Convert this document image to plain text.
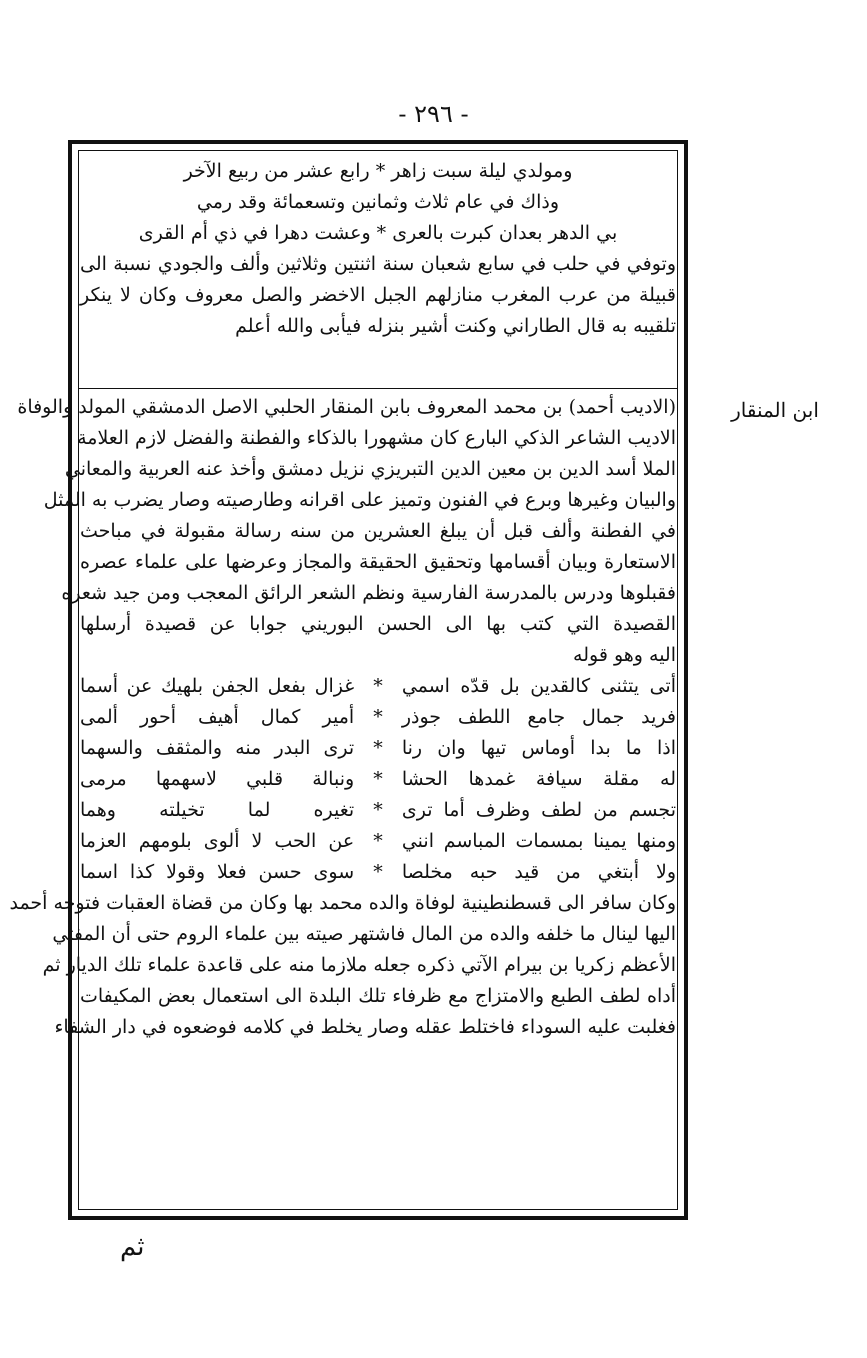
- ٢٩٦ -
ومولدي ليلة سبت زاهر * رابع عشر من ربيع الآخر
وذاك في عام ثلاث وثمانين وتسعمائة وقد رمي
بي الدهر بعدان كبرت بالعرى * وعشت دهرا في ذي أم القرى
وتوفي في حلب في سابع شعبان سنة اثنتين وثلاثين وألف والجودي نسبة الى
قبيلة من عرب المغرب منازلهم الجبل الاخضر والصل معروف وكان لا ينكر
تلقيبه به قال الطاراني وكنت أشير بنزله فيأبى والله أعلم
(الاديب أحمد) بن محمد المعروف بابن المنقار الحلبي الاصل الدمشقي المولد والوفاة
الاديب الشاعر الذكي البارع كان مشهورا بالذكاء والفطنة والفضل لازم العلامة
الملا أسد الدين بن معين الدين التبريزي نزيل دمشق وأخذ عنه العربية والمعاني
والبيان وغيرها وبرع في الفنون وتميز على اقرانه وطارصيته وصار يضرب به المثل
في الفطنة وألف قبل أن يبلغ العشرين من سنه رسالة مقبولة في مباحث
الاستعارة وبيان أقسامها وتحقيق الحقيقة والمجاز وعرضها على علماء عصره
فقبلوها ودرس بالمدرسة الفارسية ونظم الشعر الرائق المعجب ومن جيد شعره
القصيدة التي كتب بها الى الحسن البوريني جوابا عن قصيدة أرسلها
اليه وهو قوله
أتى يتثنى كالقدين بل قدّه اسمي
*
غزال بفعل الجفن بلهيك عن أسما
فريد جمال جامع اللطف جوذر
*
أمير كمال أهيف أحور ألمى
اذا ما بدا أوماس تيها وان رنا
*
ترى البدر منه والمثقف والسهما
له مقلة سيافة غمدها الحشا
*
ونبالة قلبي لاسهمها مرمى
تجسم من لطف وظرف أما ترى
*
تغيره لما تخيلته وهما
ومنها يمينا بمسمات المباسم انني
*
عن الحب لا ألوى بلومهم العزما
ولا أبتغي من قيد حبه مخلصا
*
سوى حسن فعلا وقولا كذا اسما
وكان سافر الى قسطنطينية لوفاة والده محمد بها وكان من قضاة العقبات فتوجه أحمد
اليها لينال ما خلفه والده من المال فاشتهر صيته بين علماء الروم حتى أن المفتي
الأعظم زكريا بن بيرام الآتي ذكره جعله ملازما منه على قاعدة علماء تلك الديار ثم
أداه لطف الطبع والامتزاج مع ظرفاء تلك البلدة الى استعمال بعض المكيفات
فغلبت عليه السوداء فاختلط عقله وصار يخلط في كلامه فوضعوه في دار الشفاء
ابن المنقار
ثم
